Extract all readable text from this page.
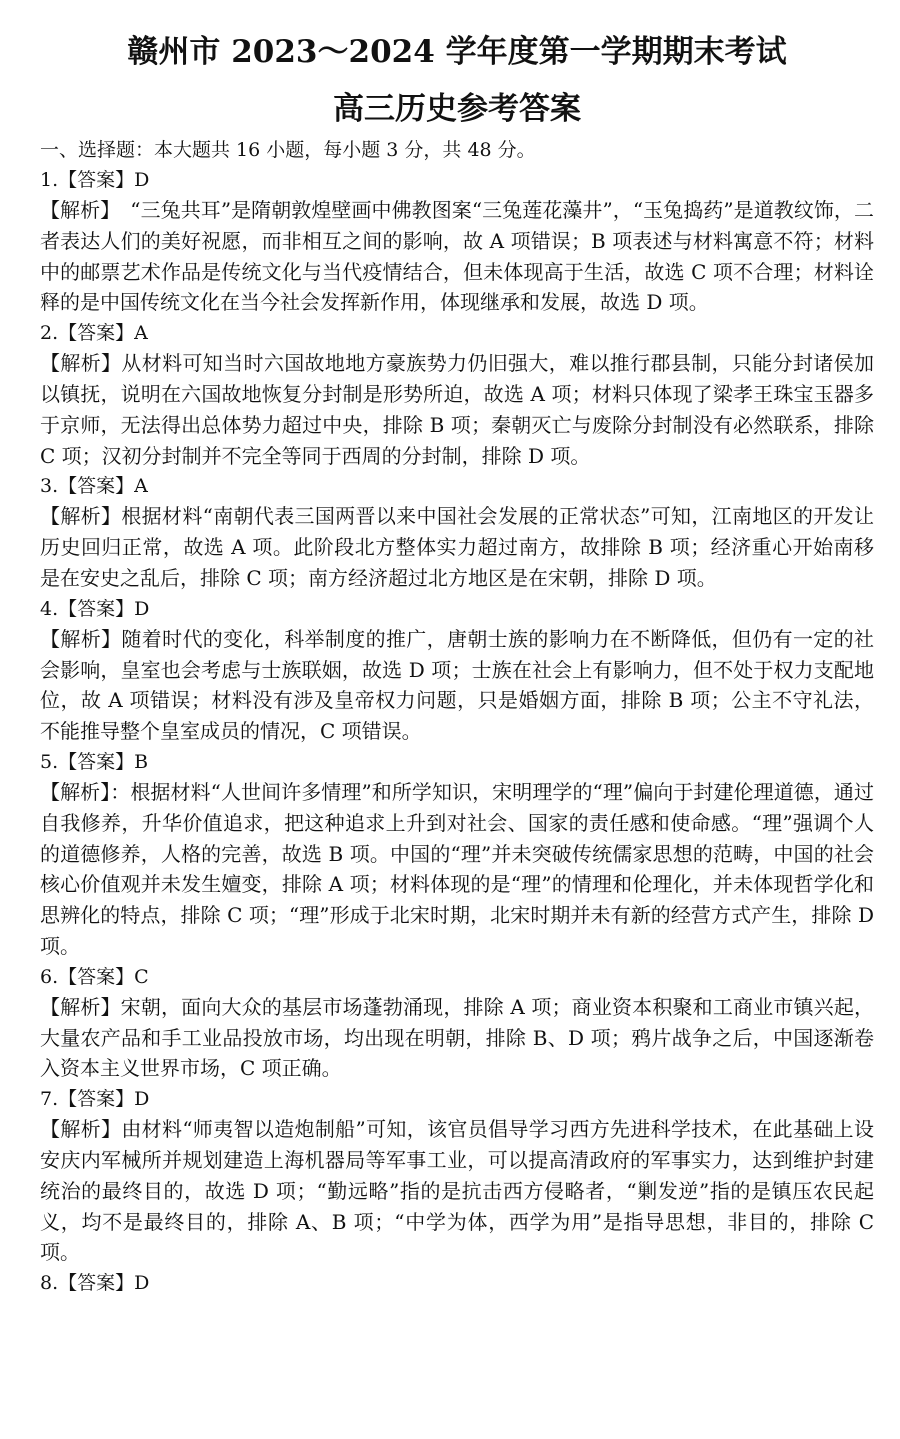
赣州市 2023～2024 学年度第一学期期末考试
高三历史参考答案
一、选择题：本大题共 16 小题，每小题 3 分，共 48 分。

1.【答案】D

【解析】　“三兔共耳”是隋朝敦煌壁画中佛教图案“三兔莲花藻井”，“玉兔捣药”是道教纹饰，二者表达人们的美好祝愿，而非相互之间的影响，故 A 项错误；B 项表述与材料寓意不符；材料中的邮票艺术作品是传统文化与当代疫情结合，但未体现高于生活，故选 C 项不合理；材料诠释的是中国传统文化在当今社会发挥新作用，体现继承和发展，故选 D 项。

2.【答案】A

【解析】从材料可知当时六国故地地方豪族势力仍旧强大，难以推行郡县制，只能分封诸侯加以镇抚，说明在六国故地恢复分封制是形势所迫，故选 A 项；材料只体现了梁孝王珠宝玉器多于京师，无法得出总体势力超过中央，排除 B 项；秦朝灭亡与废除分封制没有必然联系，排除 C 项；汉初分封制并不完全等同于西周的分封制，排除 D 项。

3.【答案】A

【解析】根据材料“南朝代表三国两晋以来中国社会发展的正常状态”可知，江南地区的开发让历史回归正常，故选 A 项。此阶段北方整体实力超过南方，故排除 B 项；经济重心开始南移是在安史之乱后，排除 C 项；南方经济超过北方地区是在宋朝，排除 D 项。

4.【答案】D

【解析】随着时代的变化，科举制度的推广，唐朝士族的影响力在不断降低，但仍有一定的社会影响，皇室也会考虑与士族联姻，故选 D 项；士族在社会上有影响力，但不处于权力支配地位，故 A 项错误；材料没有涉及皇帝权力问题，只是婚姻方面，排除 B 项；公主不守礼法，不能推导整个皇室成员的情况，C 项错误。

5.【答案】B

【解析】：根据材料“人世间许多情理”和所学知识，宋明理学的“理”偏向于封建伦理道德，通过自我修养，升华价值追求，把这种追求上升到对社会、国家的责任感和使命感。“理”强调个人的道德修养，人格的完善，故选 B 项。中国的“理”并未突破传统儒家思想的范畴，中国的社会核心价值观并未发生嬗变，排除 A 项；材料体现的是“理”的情理和伦理化，并未体现哲学化和思辨化的特点，排除 C 项；“理”形成于北宋时期，北宋时期并未有新的经营方式产生，排除 D 项。

6.【答案】C

【解析】宋朝，面向大众的基层市场蓬勃涌现，排除 A 项；商业资本积聚和工商业市镇兴起，大量农产品和手工业品投放市场，均出现在明朝，排除 B、D 项；鸦片战争之后，中国逐渐卷入资本主义世界市场，C 项正确。

7.【答案】D

【解析】由材料“师夷智以造炮制船”可知，该官员倡导学习西方先进科学技术，在此基础上设安庆内军械所并规划建造上海机器局等军事工业，可以提高清政府的军事实力，达到维护封建统治的最终目的，故选 D 项；“勤远略”指的是抗击西方侵略者，“剿发逆”指的是镇压农民起义，均不是最终目的，排除 A、B 项；“中学为体，西学为用”是指导思想，非目的，排除 C 项。

8.【答案】D
